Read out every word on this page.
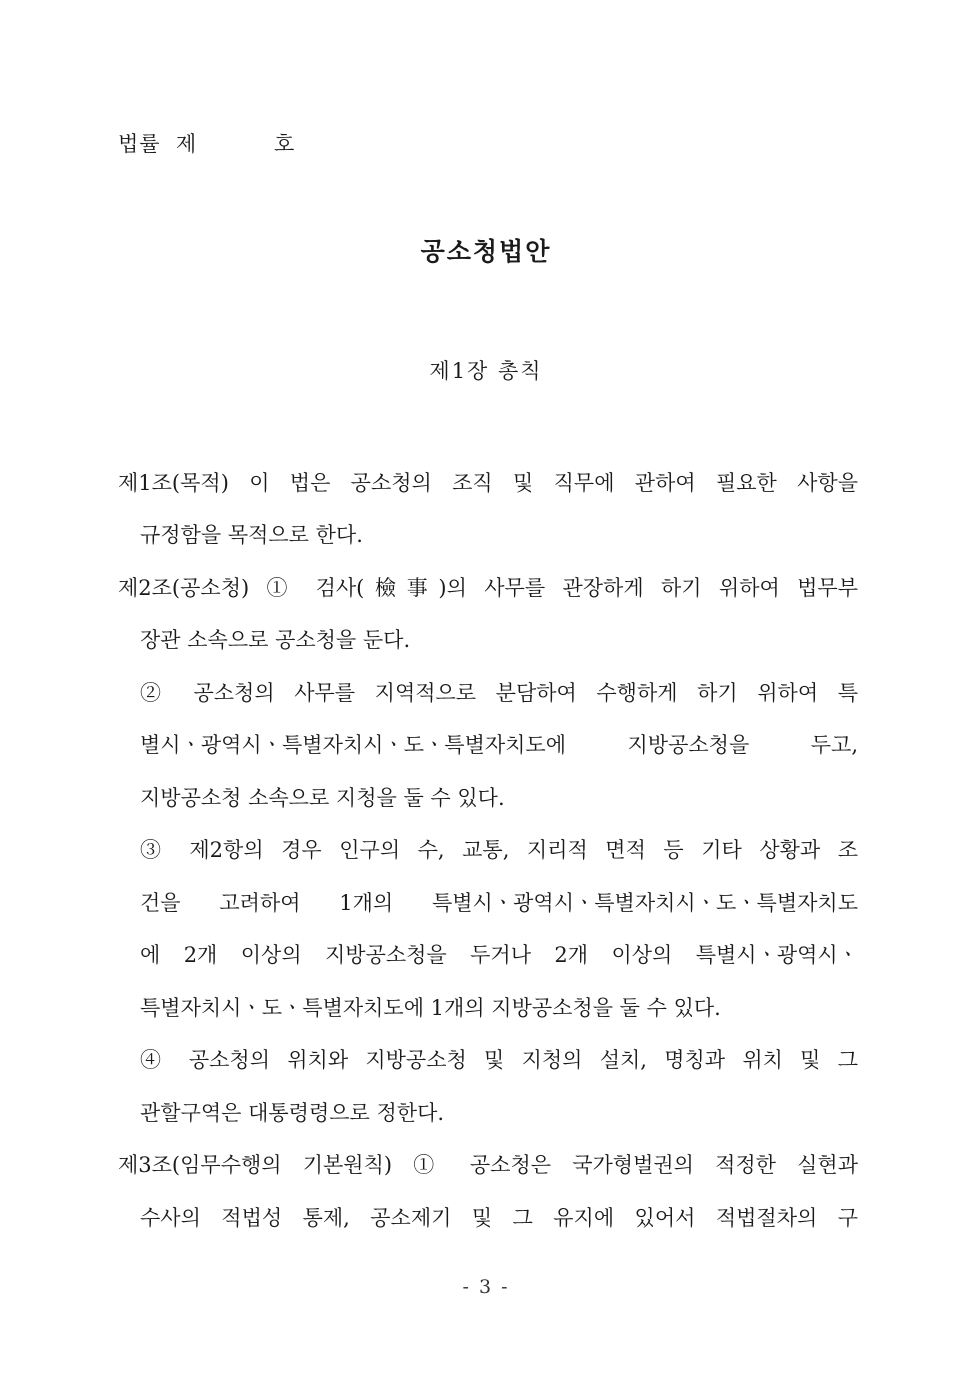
법률  제          호
공소청법안
제1장 총칙
제1조(목적) 이 법은 공소청의 조직 및 직무에 관하여 필요한 사항을
규정함을 목적으로 한다.
제2조(공소청) ① 검사(檢事)의 사무를 관장하게 하기 위하여 법무부
장관 소속으로 공소청을 둔다.
② 공소청의 사무를 지역적으로 분담하여 수행하게 하기 위하여 특
별시ㆍ광역시ㆍ특별자치시ㆍ도ㆍ특별자치도에 지방공소청을 두고,
지방공소청 소속으로 지청을 둘 수 있다.
③ 제2항의 경우 인구의 수, 교통, 지리적 면적 등 기타 상황과 조
건을 고려하여 1개의 특별시ㆍ광역시ㆍ특별자치시ㆍ도ㆍ특별자치도
에 2개 이상의 지방공소청을 두거나 2개 이상의 특별시ㆍ광역시ㆍ
특별자치시ㆍ도ㆍ특별자치도에 1개의 지방공소청을 둘 수 있다.
④ 공소청의 위치와 지방공소청 및 지청의 설치, 명칭과 위치 및 그
관할구역은 대통령령으로 정한다.
제3조(임무수행의 기본원칙) ① 공소청은 국가형벌권의 적정한 실현과
수사의 적법성 통제, 공소제기 및 그 유지에 있어서 적법절차의 구
- 3 -
